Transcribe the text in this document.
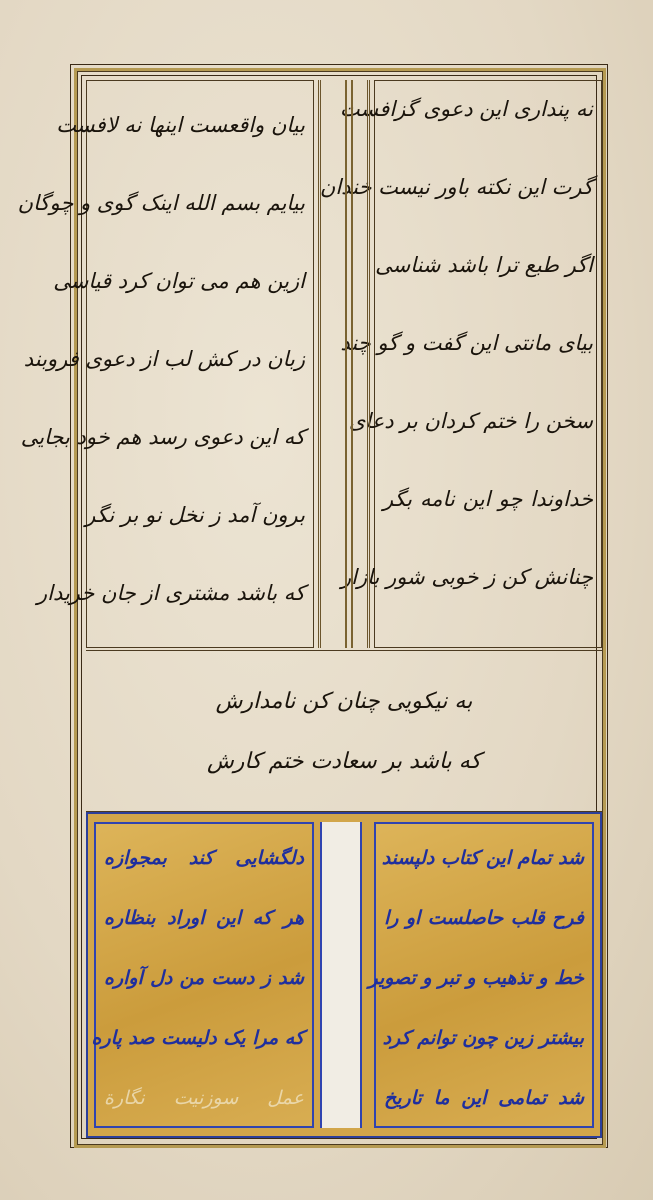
نه پنداری این دعوی گزافست
گرت این نکته باور نیست خندان
اگر طبع ترا باشد شناسی
بیای مانتی این گفت و گو چند
سخن را ختم کردان بر دعای
خداوندا چو این نامه بگر
چنانش کن ز خوبی شور بازار
بیان واقعست اینها نه لافست
بیایم بسم الله اینک گوی و چوگان
ازین هم می توان کرد قیاسی
زبان در کش لب از دعوی فروبند
که این دعوی رسد هم خود بجایی
برون آمد ز نخل نو بر نگر
که باشد مشتری از جان خریدار
به نیکویی چنان کن نامدارش
که باشد بر سعادت ختم کارش
شد تمام این کتاب دلپسند
فرح قلب حاصلست او را
خط و تذهیب و تبر و تصویر
بیشتر زین چون توانم کرد
شد تمامی این ما تاریخ
دلگشایی کند بمجوازه
هر که این اوراد بنظاره
شد ز دست من دل آواره
که مرا یک دلیست صد پاره
عمل سوزنیت نگارة
